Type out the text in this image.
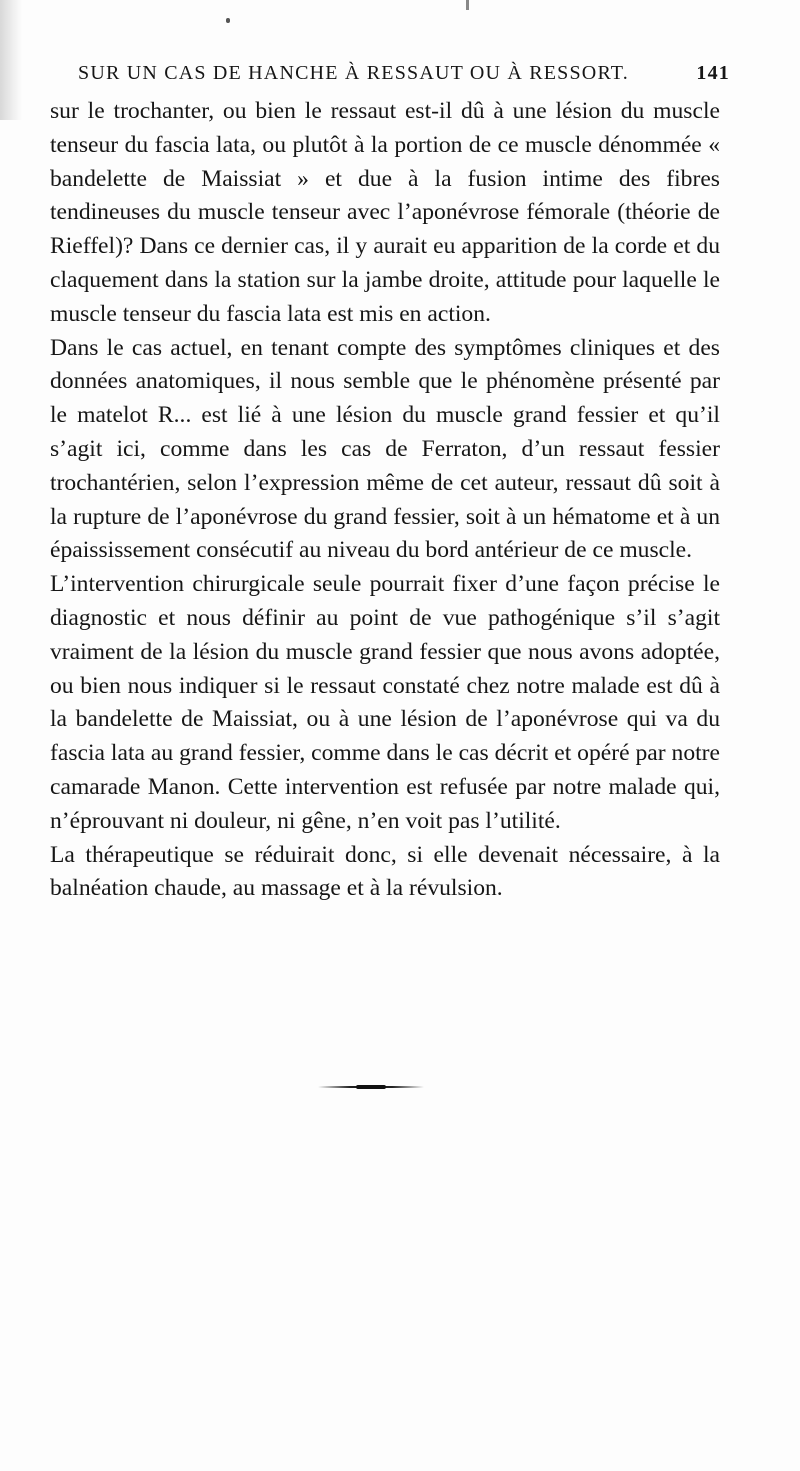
SUR UN CAS DE HANCHE À RESSAUT OU À RESSORT.	141

sur le trochanter, ou bien le ressaut est-il dû à une lésion du muscle tenseur du fascia lata, ou plutôt à la portion de ce muscle dénommée « bandelette de Maissiat » et due à la fusion intime des fibres tendineuses du muscle tenseur avec l’aponévrose fémorale (théorie de Rieffel)? Dans ce dernier cas, il y aurait eu apparition de la corde et du claquement dans la station sur la jambe droite, attitude pour laquelle le muscle tenseur du fascia lata est mis en action.

Dans le cas actuel, en tenant compte des symptômes cliniques et des données anatomiques, il nous semble que le phénomène présenté par le matelot R... est lié à une lésion du muscle grand fessier et qu’il s’agit ici, comme dans les cas de Ferraton, d’un ressaut fessier trochantérien, selon l’expression même de cet auteur, ressaut dû soit à la rupture de l’aponévrose du grand fessier, soit à un hématome et à un épaississement consécutif au niveau du bord antérieur de ce muscle.

L’intervention chirurgicale seule pourrait fixer d’une façon précise le diagnostic et nous définir au point de vue pathogénique s’il s’agit vraiment de la lésion du muscle grand fessier que nous avons adoptée, ou bien nous indiquer si le ressaut constaté chez notre malade est dû à la bandelette de Maissiat, ou à une lésion de l’aponévrose qui va du fascia lata au grand fessier, comme dans le cas décrit et opéré par notre camarade Manon. Cette intervention est refusée par notre malade qui, n’éprouvant ni douleur, ni gêne, n’en voit pas l’utilité.

La thérapeutique se réduirait donc, si elle devenait nécessaire, à la balnéation chaude, au massage et à la révulsion.
